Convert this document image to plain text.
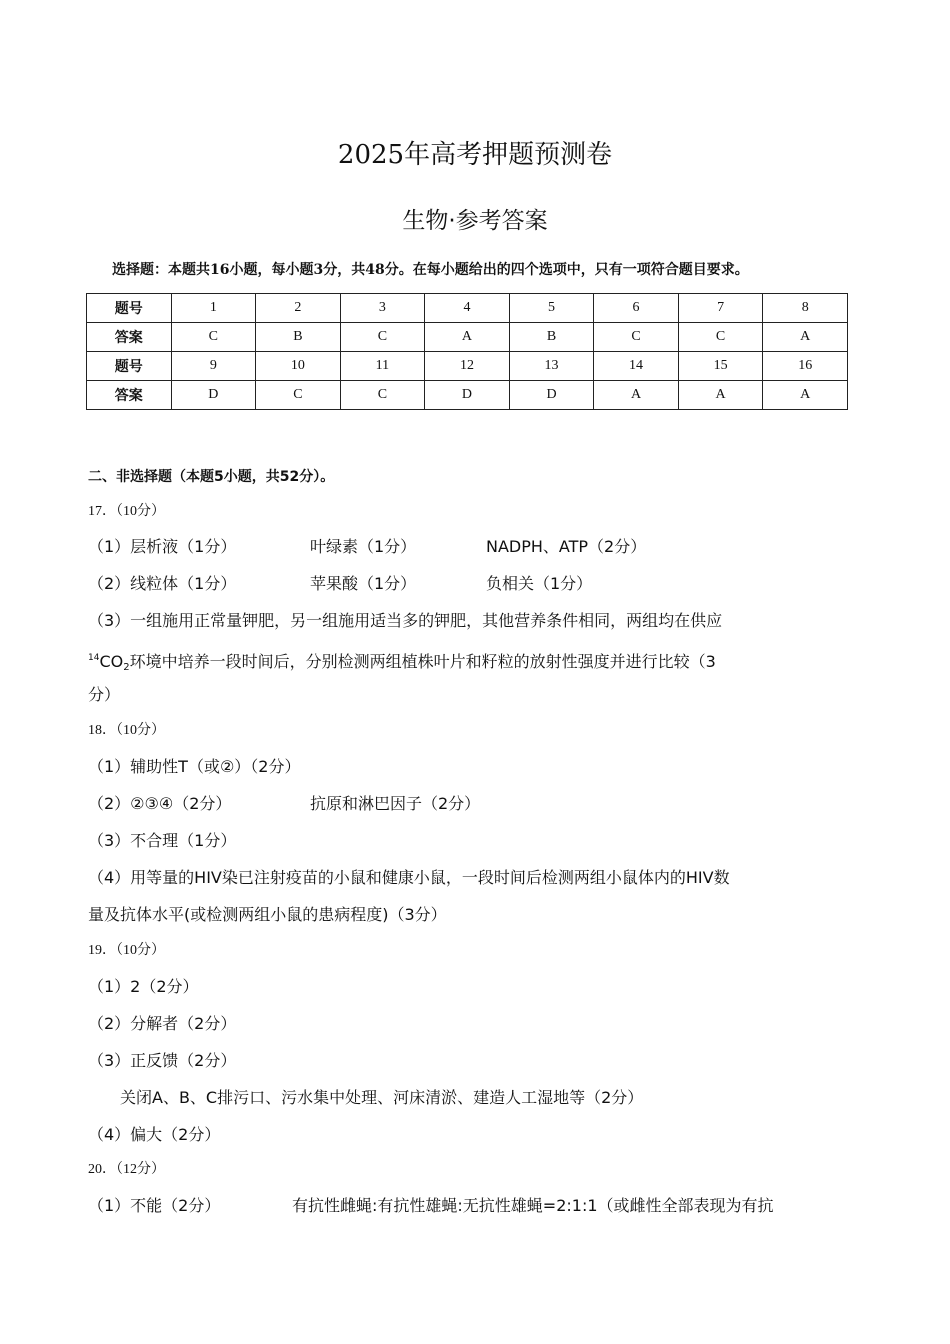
2025年高考押题预测卷
生物·参考答案
选择题：本题共16小题，每小题3分，共48分。在每小题给出的四个选项中，只有一项符合题目要求。
题号	1	2	3	4	5	6	7	8
答案	C	B	C	A	B	C	C	A
题号	9	10	11	12	13	14	15	16
答案	D	C	C	D	D	A	A	A
二、非选择题（本题5小题，共52分）。
17．（10分）
（1）层析液（1分）	叶绿素（1分）	NADPH、ATP（2分）
（2）线粒体（1分）	苹果酸（1分）	负相关（1分）
（3）一组施用正常量钾肥，另一组施用适当多的钾肥，其他营养条件相同，两组均在供应
$^{14}CO_2$环境中培养一段时间后，分别检测两组植株叶片和籽粒的放射性强度并进行比较（3
分）
18．（10分）
（1）辅助性T（或②）（2分）
（2）②③④（2分）	抗原和淋巴因子（2分）
（3）不合理（1分）
（4）用等量的HIV染已注射疫苗的小鼠和健康小鼠，一段时间后检测两组小鼠体内的HIV数
量及抗体水平(或检测两组小鼠的患病程度)（3分）
19．（10分）
（1）2（2分）
（2）分解者（2分）
（3）正反馈（2分）
关闭A、B、C排污口、污水集中处理、河床清淤、建造人工湿地等（2分）
（4）偏大（2分）
20．（12分）
（1）不能（2分）	有抗性雌蝇:有抗性雄蝇:无抗性雄蝇=2:1:1（或雌性全部表现为有抗
